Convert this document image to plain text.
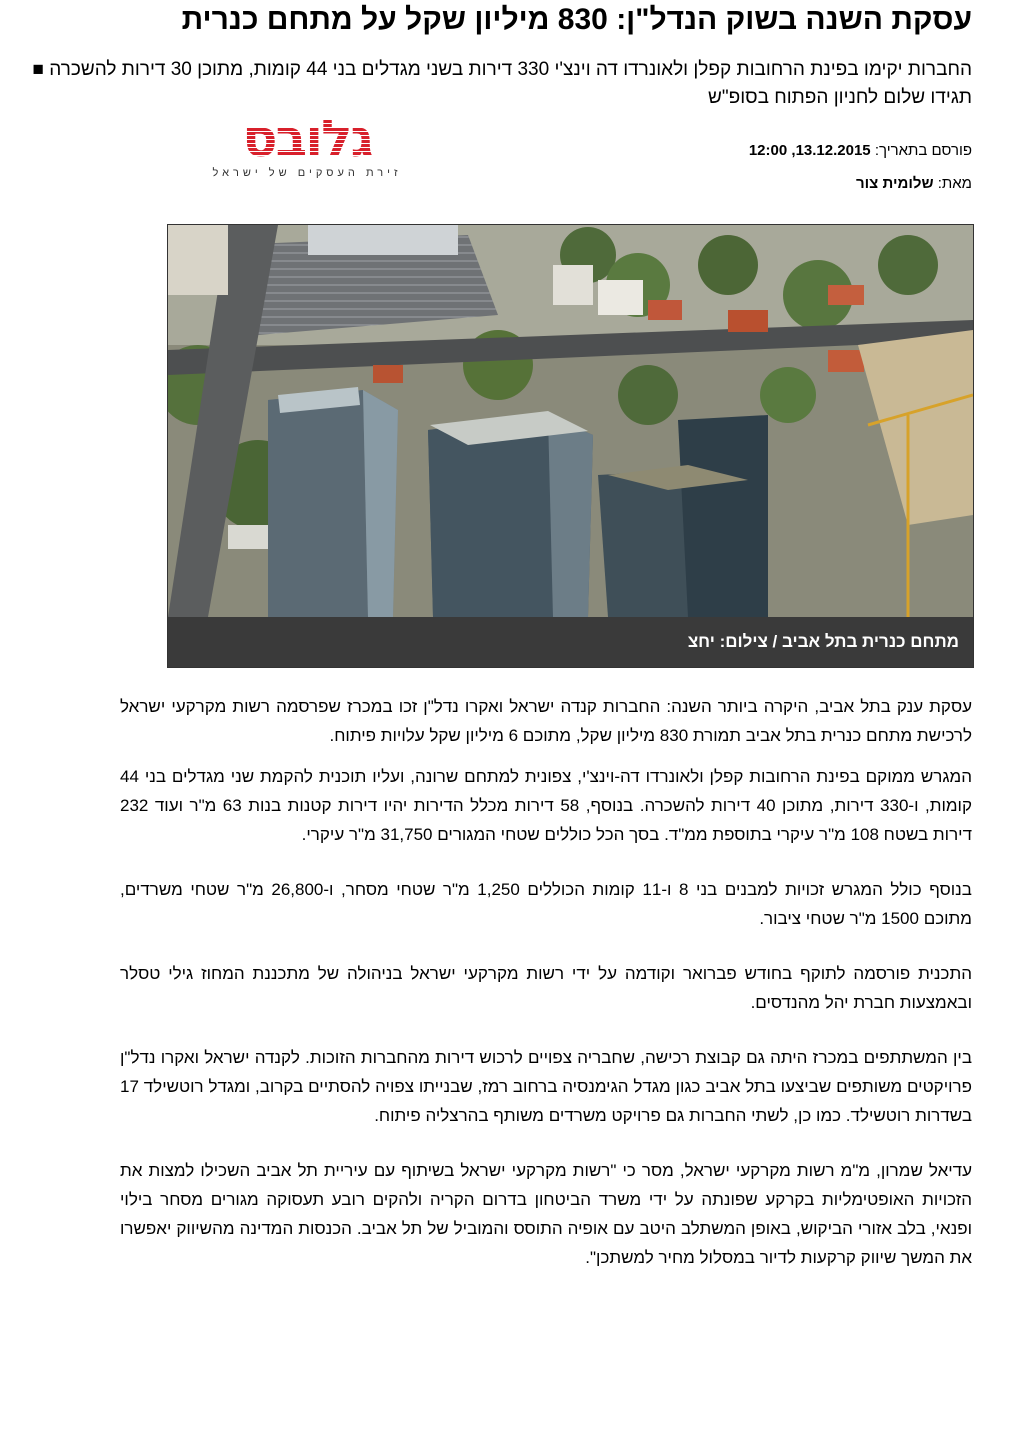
עסקת השנה בשוק הנדל"ן: 830 מיליון שקל על מתחם כנרית
החברות יקימו בפינת הרחובות קפלן ולאונרדו דה וינצ'י 330 דירות בשני מגדלים בני 44 קומות, מתוכן 30 דירות להשכרה ■ תגידו שלום לחניון הפתוח בסופ"ש
גלובס
זירת העסקים של ישראל
פורסם בתאריך: 13.12.2015, 12:00
מאת: שלומית צור
מתחם כנרית בתל אביב / צילום: יחצ

עסקת ענק בתל אביב, היקרה ביותר השנה: החברות קנדה ישראל ואקרו נדל"ן זכו במכרז שפרסמה רשות מקרקעי ישראל לרכישת מתחם כנרית בתל אביב תמורת 830 מיליון שקל, מתוכם 6 מיליון שקל עלויות פיתוח.

המגרש ממוקם בפינת הרחובות קפלן ולאונרדו דה-וינצ'י, צפונית למתחם שרונה, ועליו תוכנית להקמת שני מגדלים בני 44 קומות, ו-330 דירות, מתוכן 40 דירות להשכרה. בנוסף, 58 דירות מכלל הדירות יהיו דירות קטנות בנות 63 מ"ר ועוד 232 דירות בשטח 108 מ"ר עיקרי בתוספת ממ"ד. בסך הכל כוללים שטחי המגורים 31,750 מ"ר עיקרי.

בנוסף כולל המגרש זכויות למבנים בני 8 ו-11 קומות הכוללים 1,250 מ"ר שטחי מסחר, ו-26,800 מ"ר שטחי משרדים, מתוכם 1500 מ"ר שטחי ציבור.

התכנית פורסמה לתוקף בחודש פברואר וקודמה על ידי רשות מקרקעי ישראל בניהולה של מתכננת המחוז גילי טסלר ובאמצעות חברת יהל מהנדסים.

בין המשתתפים במכרז היתה גם קבוצת רכישה, שחבריה צפויים לרכוש דירות מהחברות הזוכות. לקנדה ישראל ואקרו נדל"ן פרויקטים משותפים שביצעו בתל אביב כגון מגדל הגימנסיה ברחוב רמז, שבנייתו צפויה להסתיים בקרוב, ומגדל רוטשילד 17 בשדרות רוטשילד. כמו כן, לשתי החברות גם פרויקט משרדים משותף בהרצליה פיתוח.

עדיאל שמרון, מ"מ רשות מקרקעי ישראל, מסר כי "רשות מקרקעי ישראל בשיתוף עם עיריית תל אביב השכילו למצות את הזכויות האופטימליות בקרקע שפונתה על ידי משרד הביטחון בדרום הקריה ולהקים רובע תעסוקה מגורים מסחר בילוי ופנאי, בלב אזורי הביקוש, באופן המשתלב היטב עם אופיה התוסס והמוביל של תל אביב. הכנסות המדינה מהשיווק יאפשרו את המשך שיווק קרקעות לדיור במסלול מחיר למשתכן".
